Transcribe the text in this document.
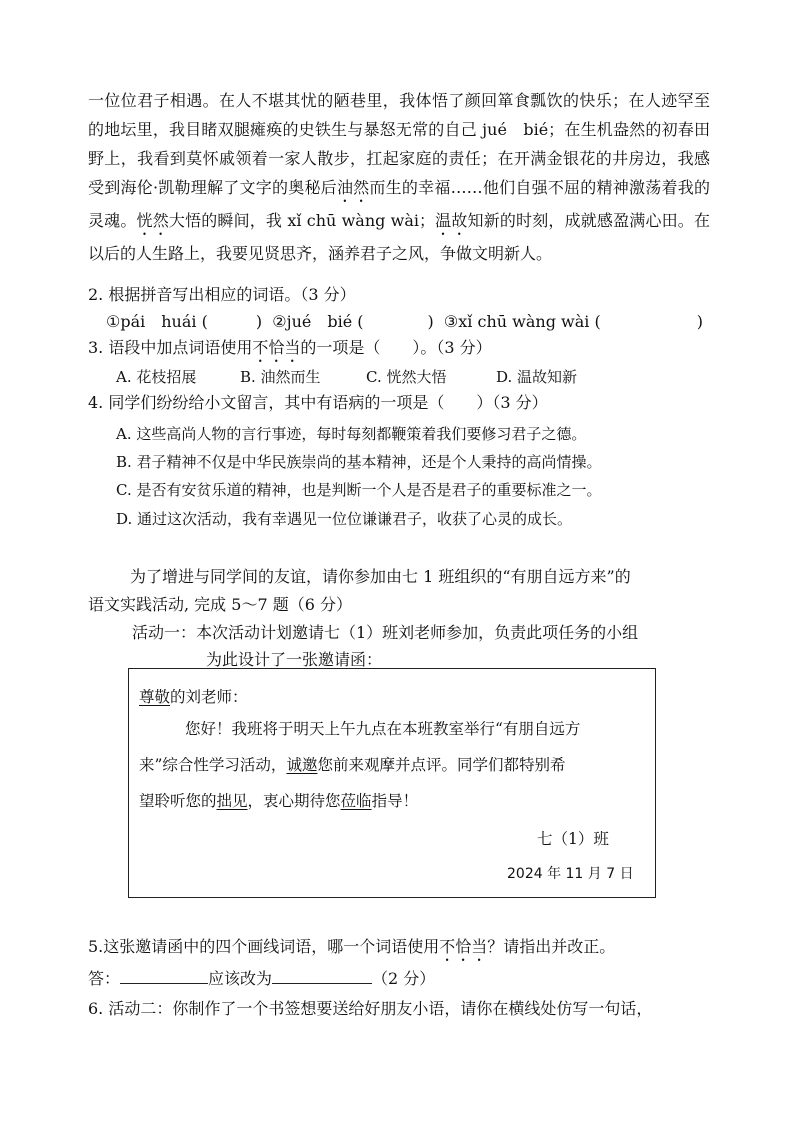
一位位君子相遇。在人不堪其忧的陋巷里，我体悟了颜回箪食瓢饮的快乐；在人迹罕至的地坛里，我目睹双腿瘫痪的史铁生与暴怒无常的自己 jué　bié；在生机盎然的初春田野上，我看到莫怀戚领着一家人散步，扛起家庭的责任；在开满金银花的井房边，我感受到海伦·凯勒理解了文字的奥秘后油然而生的幸福……他们自强不屈的精神激荡着我的灵魂。恍然大悟的瞬间，我 xǐ chū wàng wài；温故知新的时刻，成就感盈满心田。在以后的人生路上，我要见贤思齐，涵养君子之风，争做文明新人。
2. 根据拼音写出相应的词语。（3 分）
①pái　huái (　　　) ②jué　bié (　　　　) ③xǐ chū wàng wài (　　　　　　)
3. 语段中加点词语使用不恰当的一项是（　　）。（3 分）
A. 花枝招展	B. 油然而生	C. 恍然大悟	D. 温故知新
4. 同学们纷纷给小文留言，其中有语病的一项是（　　）（3 分）
A. 这些高尚人物的言行事迹，每时每刻都鞭策着我们要修习君子之德。
B. 君子精神不仅是中华民族崇尚的基本精神，还是个人秉持的高尚情操。
C. 是否有安贫乐道的精神，也是判断一个人是否是君子的重要标准之一。
D. 通过这次活动，我有幸遇见一位位谦谦君子，收获了心灵的成长。
为了增进与同学间的友谊，请你参加由七 1 班组织的“有朋自远方来”的
语文实践活动, 完成 5～7 题（6 分）
活动一：本次活动计划邀请七（1）班刘老师参加，负责此项任务的小组
为此设计了一张邀请函：
尊敬的刘老师：
您好！我班将于明天上午九点在本班教室举行“有朋自远方
来”综合性学习活动，诚邀您前来观摩并点评。同学们都特别希
望聆听您的拙见，衷心期待您莅临指导！
七（1）班
2024 年 11 月 7 日
5.这张邀请函中的四个画线词语，哪一个词语使用不恰当？请指出并改正。
答：	应该改为	（2 分）
6. 活动二：你制作了一个书签想要送给好朋友小语，请你在横线处仿写一句话，
